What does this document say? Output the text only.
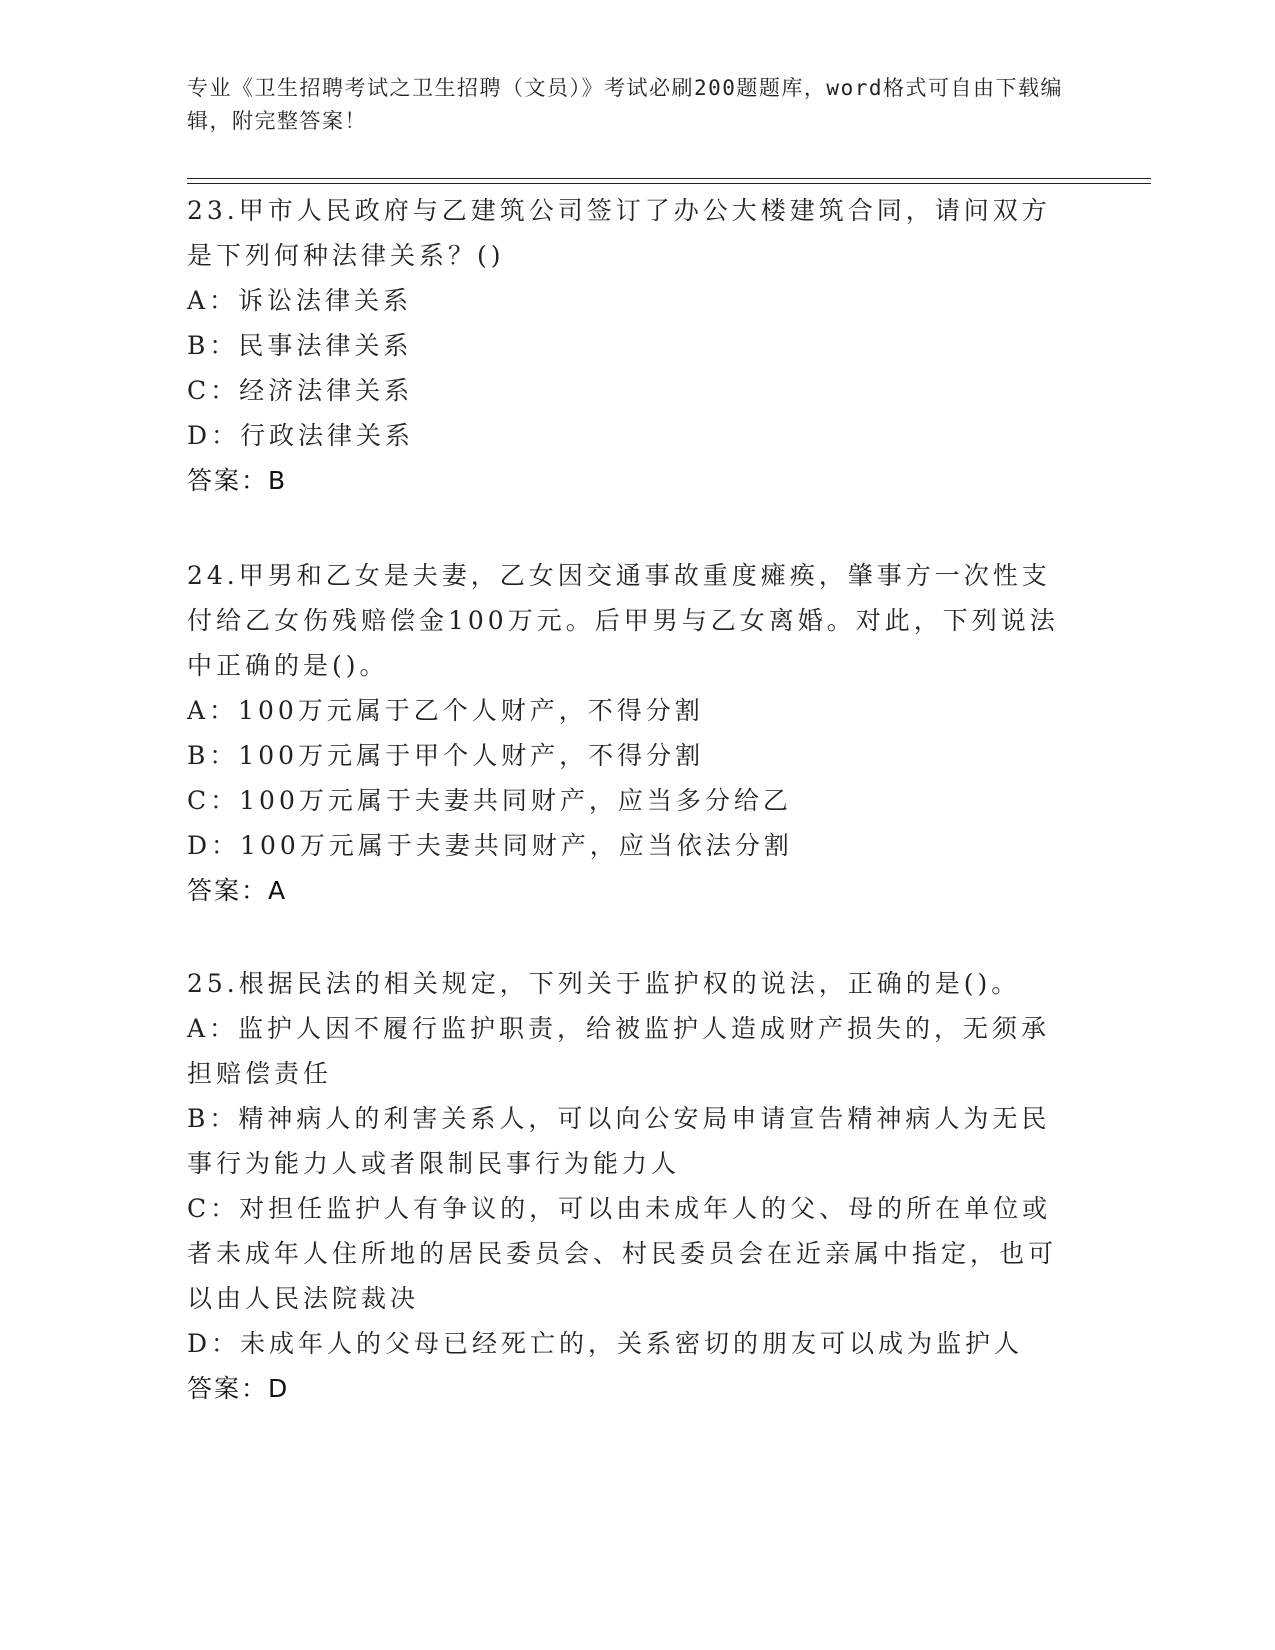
专业《卫生招聘考试之卫生招聘（文员）》考试必刷200题题库，word格式可自由下载编辑，附完整答案！

23.甲市人民政府与乙建筑公司签订了办公大楼建筑合同，请问双方是下列何种法律关系？()

A：诉讼法律关系

B：民事法律关系

C：经济法律关系

D：行政法律关系

答案：B

24.甲男和乙女是夫妻，乙女因交通事故重度瘫痪，肇事方一次性支付给乙女伤残赔偿金100万元。后甲男与乙女离婚。对此，下列说法中正确的是()。

A：100万元属于乙个人财产，不得分割

B：100万元属于甲个人财产，不得分割

C：100万元属于夫妻共同财产，应当多分给乙

D：100万元属于夫妻共同财产，应当依法分割

答案：A

25.根据民法的相关规定，下列关于监护权的说法，正确的是()。

A：监护人因不履行监护职责，给被监护人造成财产损失的，无须承担赔偿责任

B：精神病人的利害关系人，可以向公安局申请宣告精神病人为无民事行为能力人或者限制民事行为能力人

C：对担任监护人有争议的，可以由未成年人的父、母的所在单位或者未成年人住所地的居民委员会、村民委员会在近亲属中指定，也可以由人民法院裁决

D：未成年人的父母已经死亡的，关系密切的朋友可以成为监护人

答案：D
